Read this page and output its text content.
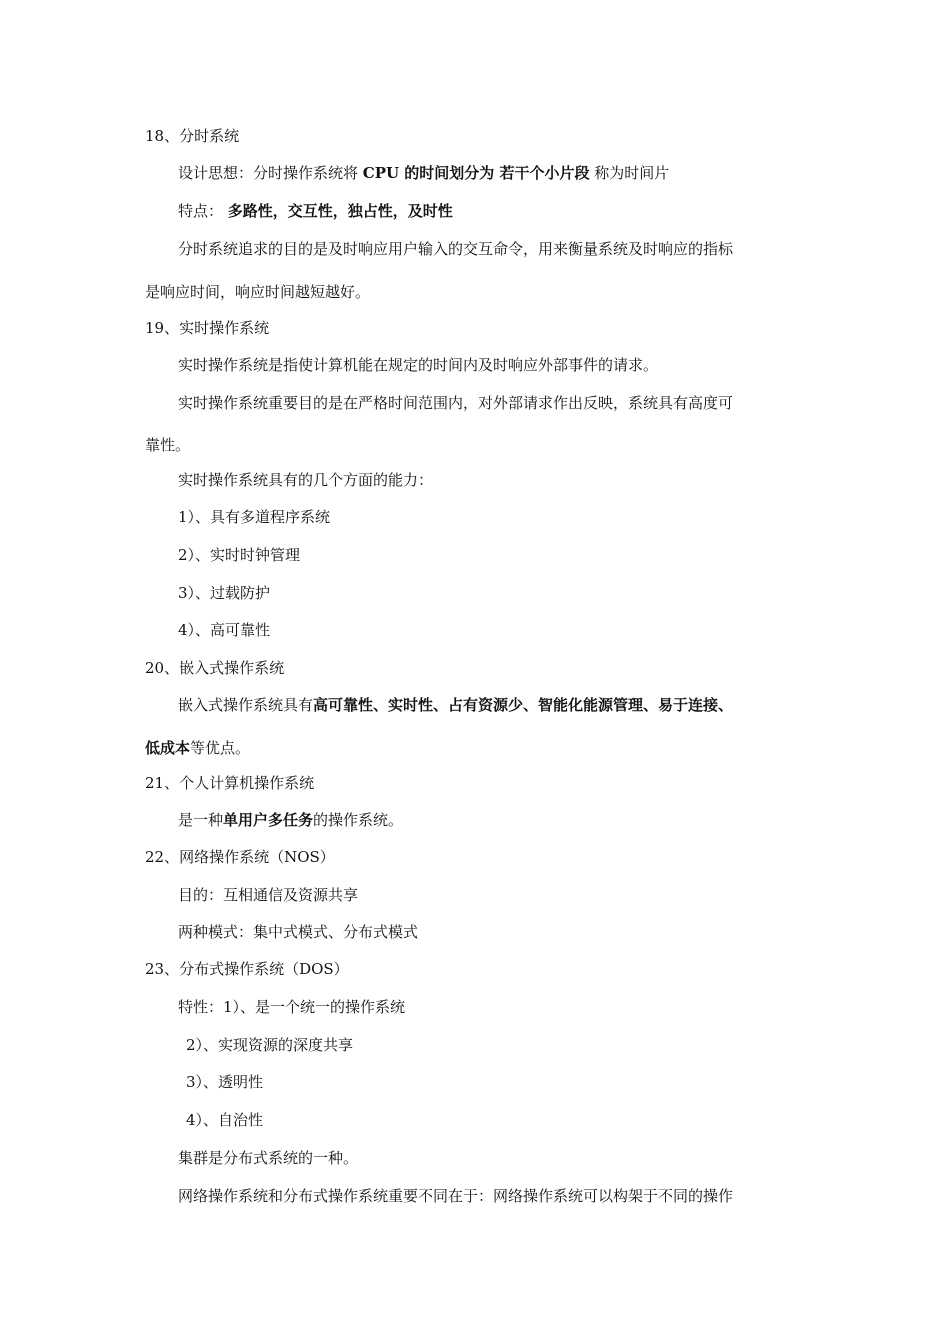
18、分时系统
设计思想：分时操作系统将 CPU 的时间划分为 若干个小片段 称为时间片
特点： 多路性，交互性，独占性，及时性
分时系统追求的目的是及时响应用户输入的交互命令，用来衡量系统及时响应的指标
是响应时间，响应时间越短越好。
19、实时操作系统
实时操作系统是指使计算机能在规定的时间内及时响应外部事件的请求。
实时操作系统重要目的是在严格时间范围内，对外部请求作出反映，系统具有高度可
靠性。
实时操作系统具有的几个方面的能力：
1）、具有多道程序系统
2）、实时时钟管理
3）、过载防护
4）、高可靠性
20、嵌入式操作系统
嵌入式操作系统具有高可靠性、实时性、占有资源少、智能化能源管理、易于连接、
低成本等优点。
21、个人计算机操作系统
是一种单用户多任务的操作系统。
22、网络操作系统（NOS）
目的：互相通信及资源共享
两种模式：集中式模式、分布式模式
23、分布式操作系统（DOS）
特性：1）、是一个统一的操作系统
2）、实现资源的深度共享
3）、透明性
4）、自治性
集群是分布式系统的一种。
网络操作系统和分布式操作系统重要不同在于：网络操作系统可以构架于不同的操作
